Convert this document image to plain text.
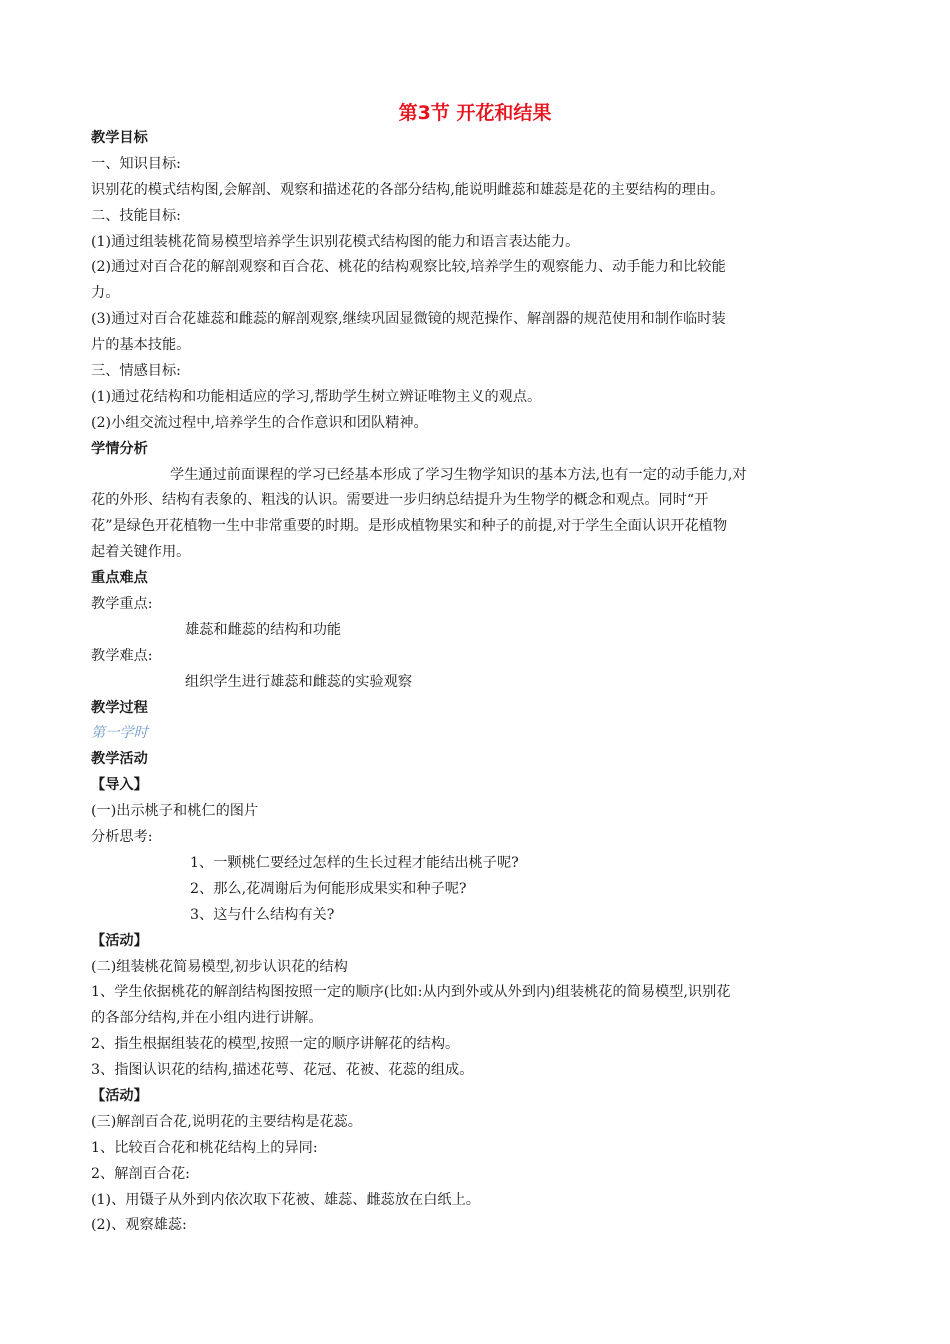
第3节 开花和结果
教学目标
一、知识目标:
识别花的模式结构图,会解剖、观察和描述花的各部分结构,能说明雌蕊和雄蕊是花的主要结构的理由。
二、技能目标:
(1)通过组装桃花简易模型培养学生识别花模式结构图的能力和语言表达能力。
(2)通过对百合花的解剖观察和百合花、桃花的结构观察比较,培养学生的观察能力、动手能力和比较能
力。
(3)通过对百合花雄蕊和雌蕊的解剖观察,继续巩固显微镜的规范操作、解剖器的规范使用和制作临时装
片的基本技能。
三、情感目标:
(1)通过花结构和功能相适应的学习,帮助学生树立辨证唯物主义的观点。
(2)小组交流过程中,培养学生的合作意识和团队精神。
学情分析
学生通过前面课程的学习已经基本形成了学习生物学知识的基本方法,也有一定的动手能力,对
花的外形、结构有表象的、粗浅的认识。需要进一步归纳总结提升为生物学的概念和观点。同时“开
花”是绿色开花植物一生中非常重要的时期。是形成植物果实和种子的前提,对于学生全面认识开花植物
起着关键作用。
重点难点
教学重点:
雄蕊和雌蕊的结构和功能
教学难点:
组织学生进行雄蕊和雌蕊的实验观察
教学过程
第一学时
教学活动
【导入】
(一)出示桃子和桃仁的图片
分析思考:
1、一颗桃仁要经过怎样的生长过程才能结出桃子呢?
2、那么,花凋谢后为何能形成果实和种子呢?
3、这与什么结构有关?
【活动】
(二)组装桃花简易模型,初步认识花的结构
1、学生依据桃花的解剖结构图按照一定的顺序(比如:从内到外或从外到内)组装桃花的简易模型,识别花
的各部分结构,并在小组内进行讲解。
2、指生根据组装花的模型,按照一定的顺序讲解花的结构。
3、指图认识花的结构,描述花萼、花冠、花被、花蕊的组成。
【活动】
(三)解剖百合花,说明花的主要结构是花蕊。
1、比较百合花和桃花结构上的异同:
2、解剖百合花:
(1)、用镊子从外到内依次取下花被、雄蕊、雌蕊放在白纸上。
(2)、观察雄蕊:
